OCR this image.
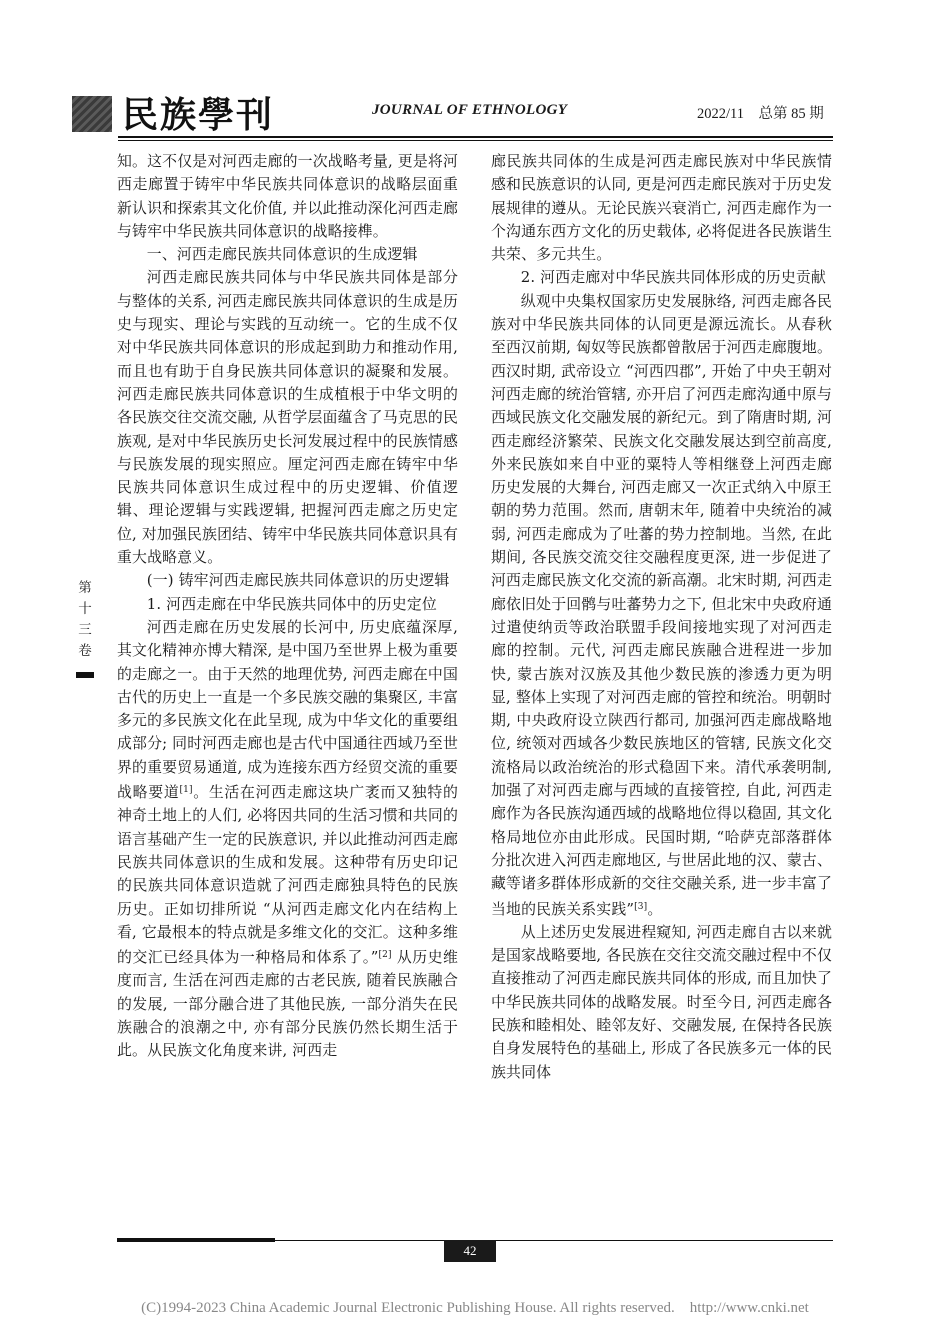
民族學刊	JOURNAL OF ETHNOLOGY	2022/11　总第 85 期

知。这不仅是对河西走廊的一次战略考量, 更是将河西走廊置于铸牢中华民族共同体意识的战略层面重新认识和探索其文化价值, 并以此推动深化河西走廊与铸牢中华民族共同体意识的战略接榫。

一、河西走廊民族共同体意识的生成逻辑

河西走廊民族共同体与中华民族共同体是部分与整体的关系, 河西走廊民族共同体意识的生成是历史与现实、理论与实践的互动统一。它的生成不仅对中华民族共同体意识的形成起到助力和推动作用, 而且也有助于自身民族共同体意识的凝聚和发展。河西走廊民族共同体意识的生成植根于中华文明的各民族交往交流交融, 从哲学层面蕴含了马克思的民族观, 是对中华民族历史长河发展过程中的民族情感与民族发展的现实照应。厘定河西走廊在铸牢中华民族共同体意识生成过程中的历史逻辑、价值逻辑、理论逻辑与实践逻辑, 把握河西走廊之历史定位, 对加强民族团结、铸牢中华民族共同体意识具有重大战略意义。

(一) 铸牢河西走廊民族共同体意识的历史逻辑

1. 河西走廊在中华民族共同体中的历史定位

河西走廊在历史发展的长河中, 历史底蕴深厚, 其文化精神亦博大精深, 是中国乃至世界上极为重要的走廊之一。由于天然的地理优势, 河西走廊在中国古代的历史上一直是一个多民族交融的集聚区, 丰富多元的多民族文化在此呈现, 成为中华文化的重要组成部分; 同时河西走廊也是古代中国通往西域乃至世界的重要贸易通道, 成为连接东西方经贸交流的重要战略要道[1]。生活在河西走廊这块广袤而又独特的神奇土地上的人们, 必将因共同的生活习惯和共同的语言基础产生一定的民族意识, 并以此推动河西走廊民族共同体意识的生成和发展。这种带有历史印记的民族共同体意识造就了河西走廊独具特色的民族历史。正如切排所说 “从河西走廊文化内在结构上看, 它最根本的特点就是多维文化的交汇。这种多维的交汇已经具体为一种格局和体系了。”[2] 从历史维度而言, 生活在河西走廊的古老民族, 随着民族融合的发展, 一部分融合进了其他民族, 一部分消失在民族融合的浪潮之中, 亦有部分民族仍然长期生活于此。从民族文化角度来讲, 河西走

廊民族共同体的生成是河西走廊民族对中华民族情感和民族意识的认同, 更是河西走廊民族对于历史发展规律的遵从。无论民族兴衰消亡, 河西走廊作为一个沟通东西方文化的历史载体, 必将促进各民族谐生共荣、多元共生。

2. 河西走廊对中华民族共同体形成的历史贡献

纵观中央集权国家历史发展脉络, 河西走廊各民族对中华民族共同体的认同更是源远流长。从春秋至西汉前期, 匈奴等民族都曾散居于河西走廊腹地。西汉时期, 武帝设立 “河西四郡”, 开始了中央王朝对河西走廊的统治管辖, 亦开启了河西走廊沟通中原与西域民族文化交融发展的新纪元。到了隋唐时期, 河西走廊经济繁荣、民族文化交融发展达到空前高度, 外来民族如来自中亚的粟特人等相继登上河西走廊历史发展的大舞台, 河西走廊又一次正式纳入中原王朝的势力范围。然而, 唐朝末年, 随着中央统治的减弱, 河西走廊成为了吐蕃的势力控制地。当然, 在此期间, 各民族交流交往交融程度更深, 进一步促进了河西走廊民族文化交流的新高潮。北宋时期, 河西走廊依旧处于回鹘与吐蕃势力之下, 但北宋中央政府通过遣使纳贡等政治联盟手段间接地实现了对河西走廊的控制。元代, 河西走廊民族融合进程进一步加快, 蒙古族对汉族及其他少数民族的渗透力更为明显, 整体上实现了对河西走廊的管控和统治。明朝时期, 中央政府设立陕西行都司, 加强河西走廊战略地位, 统领对西域各少数民族地区的管辖, 民族文化交流格局以政治统治的形式稳固下来。清代承袭明制, 加强了对河西走廊与西域的直接管控, 自此, 河西走廊作为各民族沟通西域的战略地位得以稳固, 其文化格局地位亦由此形成。民国时期, “哈萨克部落群体分批次进入河西走廊地区, 与世居此地的汉、蒙古、藏等诸多群体形成新的交往交融关系, 进一步丰富了当地的民族关系实践”[3]。

从上述历史发展进程窥知, 河西走廊自古以来就是国家战略要地, 各民族在交往交流交融过程中不仅直接推动了河西走廊民族共同体的形成, 而且加快了中华民族共同体的战略发展。时至今日, 河西走廊各民族和睦相处、睦邻友好、交融发展, 在保持各民族自身发展特色的基础上, 形成了各民族多元一体的民族共同体

第
十
三
卷
42
(C)1994-2023 China Academic Journal Electronic Publishing House. All rights reserved.　http://www.cnki.net
